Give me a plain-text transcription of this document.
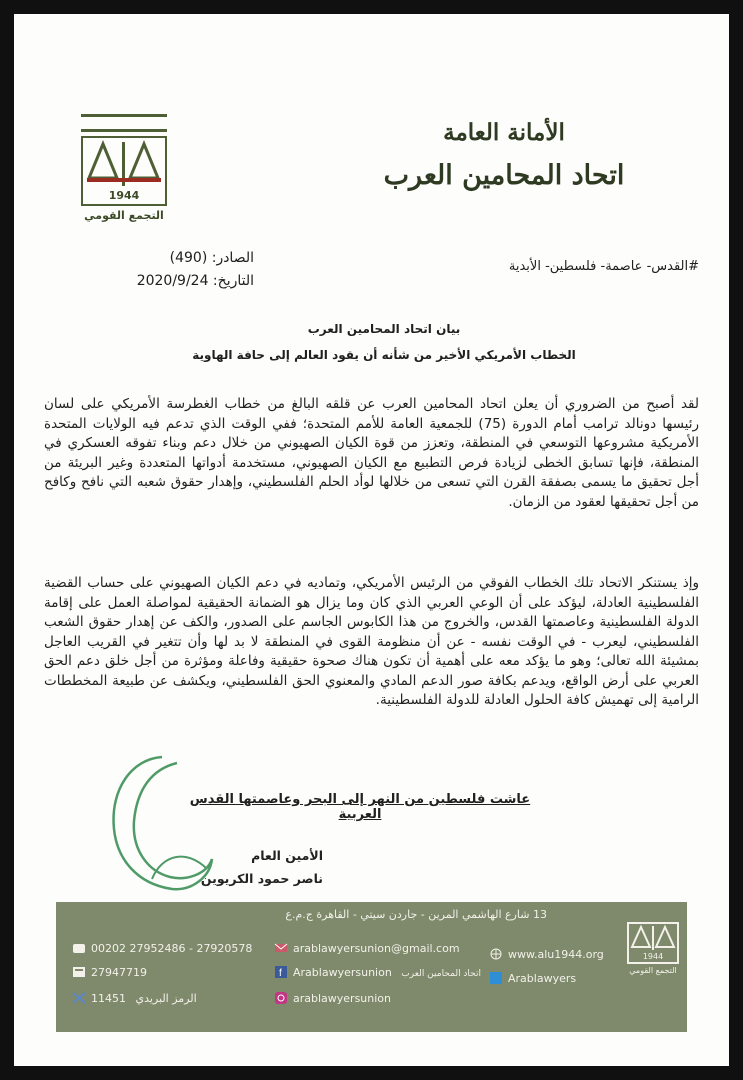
الأمانة العامة
اتحاد المحامين العرب
1944
التجمع القومي
الصادر: (490)
التاريخ: 2020/9/24
#القدس- عاصمة- فلسطين- الأبدية
بيان اتحاد المحامين العرب
الخطاب الأمريكي الأخير من شأنه أن يقود العالم إلى حافة الهاوية

لقد أصبح من الضروري أن يعلن اتحاد المحامين العرب عن قلقه البالغ من خطاب الغطرسة الأمريكي على لسان رئيسها دونالد ترامب أمام الدورة (75) للجمعية العامة للأمم المتحدة؛ ففي الوقت الذي تدعم فيه الولايات المتحدة الأمريكية مشروعها التوسعي في المنطقة، وتعزز من قوة الكيان الصهيوني من خلال دعم وبناء تفوقه العسكري في المنطقة، فإنها تسابق الخطى لزيادة فرص التطبيع مع الكيان الصهيوني، مستخدمة أدواتها المتعددة وغير البريئة من أجل تحقيق ما يسمى بصفقة القرن التي تسعى من خلالها لوأد الحلم الفلسطيني، وإهدار حقوق شعبه التي نافح وكافح من أجل تحقيقها لعقود من الزمان.

وإذ يستنكر الاتحاد تلك الخطاب الفوقي من الرئيس الأمريكي، وتماديه في دعم الكيان الصهيوني على حساب القضية الفلسطينية العادلة، ليؤكد على أن الوعي العربي الذي كان وما يزال هو الضمانة الحقيقية لمواصلة العمل على إقامة الدولة الفلسطينية وعاصمتها القدس، والخروج من هذا الكابوس الجاسم على الصدور، والكف عن إهدار حقوق الشعب الفلسطيني، ليعرب - في الوقت نفسه - عن أن منظومة القوى في المنطقة لا بد لها وأن تتغير في القريب العاجل بمشيئة الله تعالى؛ وهو ما يؤكد معه على أهمية أن تكون هناك صحوة حقيقية وفاعلة ومؤثرة من أجل خلق دعم الحق العربي على أرض الواقع، ويدعم بكافة صور الدعم المادي والمعنوي الحق الفلسطيني، ويكشف عن طبيعة المخططات الرامية إلى تهميش كافة الحلول العادلة للدولة الفلسطينية.

عاشت فلسطين من النهر إلى البحر وعاصمتها القدس العربية
الأمين العام
ناصر حمود الكريوين
13 شارع الهاشمي المرين - جاردن سيتي - القاهرة ج.م.ع
00202 27952486 - 27920578
27947719
11451 الرمز البريدي
arablawyersunion@gmail.com
f Arablawyersunion اتحاد المحامين العرب
arablawyersunion
www.alu1944.org
Arablawyers
1944
التجمع القومي
